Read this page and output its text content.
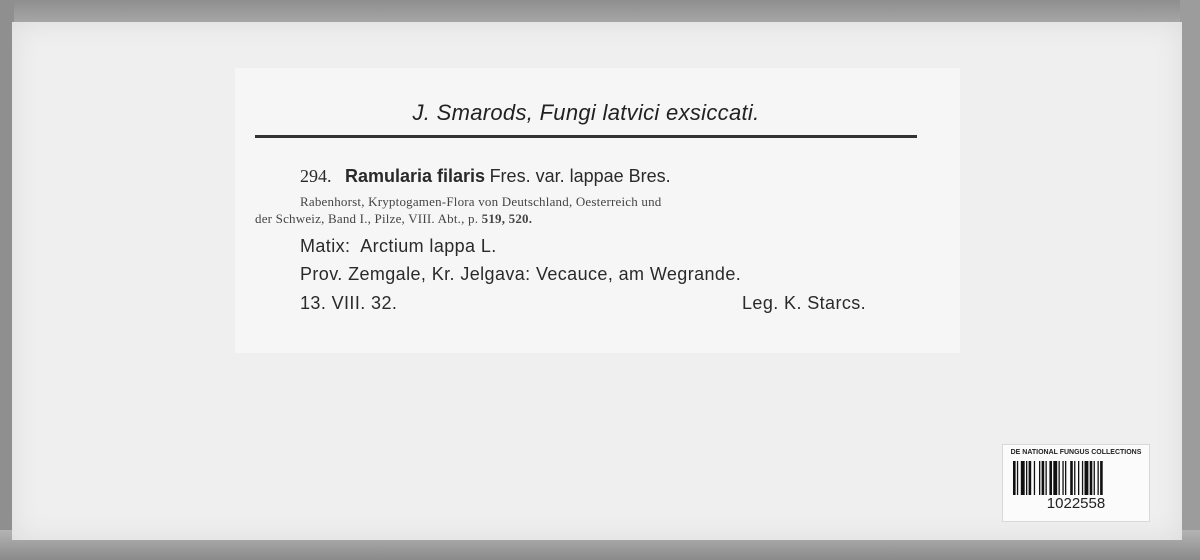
J. Smarods, Fungi latvici exsiccati.
294. Ramularia filaris Fres. var. lappae Bres.
Rabenhorst, Kryptogamen-Flora von Deutschland, Oesterreich und
der Schweiz, Band I., Pilze, VIII. Abt., p. 519, 520.
Matix: Arctium lappa L.
Prov. Zemgale, Kr. Jelgava: Vecauce, am Wegrande.
13. VIII. 32.	Leg. K. Starcs.
DE NATIONAL FUNGUS COLLECTIONS
1022558
